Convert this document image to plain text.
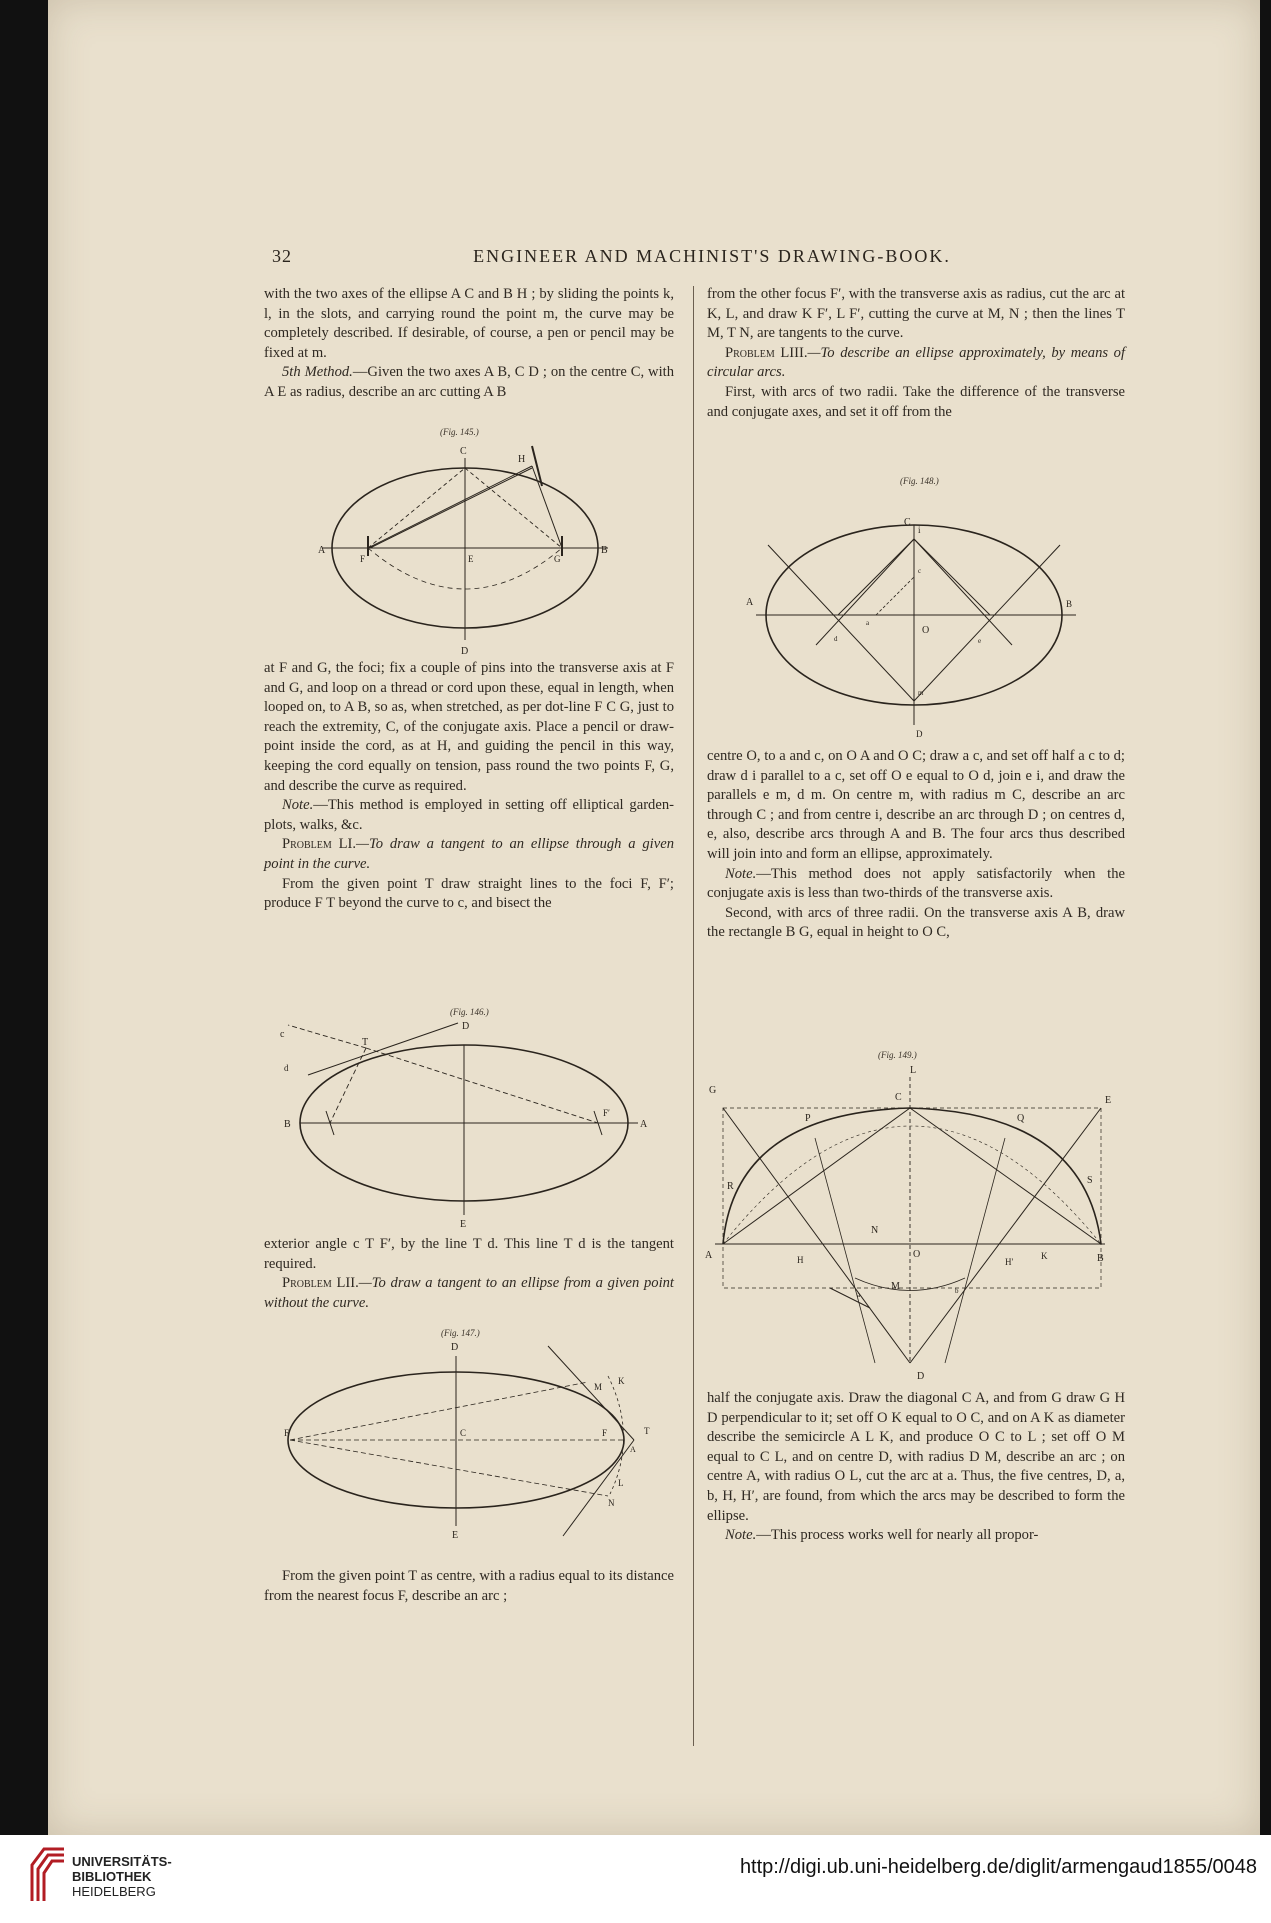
32	ENGINEER AND MACHINIST'S DRAWING-BOOK.

with the two axes of the ellipse A C and B H ; by sliding the points k, l, in the slots, and carrying round the point m, the curve may be completely described. If desirable, of course, a pen or pencil may be fixed at m.

5th Method.—Given the two axes A B, C D ; on the centre C, with A E as radius, describe an arc cutting A B

(Fig. 145.)
C
H
A
F	E	G
B
D

at F and G, the foci; fix a couple of pins into the transverse axis at F and G, and loop on a thread or cord upon these, equal in length, when looped on, to A B, so as, when stretched, as per dot-line F C G, just to reach the extremity, C, of the conjugate axis. Place a pencil or draw-point inside the cord, as at H, and guiding the pencil in this way, keeping the cord equally on tension, pass round the two points F, G, and describe the curve as required.

Note.—This method is employed in setting off elliptical garden-plots, walks, &c.

Problem LI.—To draw a tangent to an ellipse through a given point in the curve.

From the given point T draw straight lines to the foci F, F′; produce F T beyond the curve to c, and bisect the

(Fig. 146.)
c
D
T
d
B
F′
A
E

exterior angle c T F′, by the line T d. This line T d is the tangent required.

Problem LII.—To draw a tangent to an ellipse from a given point without the curve.

(Fig. 147.)
D
M
K
F′	C	F	T
A
L
N
E

From the given point T as centre, with a radius equal to its distance from the nearest focus F, describe an arc ;

from the other focus F′, with the transverse axis as radius, cut the arc at K, L, and draw K F′, L F′, cutting the curve at M, N ; then the lines T M, T N, are tangents to the curve.

Problem LIII.—To describe an ellipse approximately, by means of circular arcs.

First, with arcs of two radii. Take the difference of the transverse and conjugate axes, and set it off from the

(Fig. 148.)
C
i
A	B
a
O
c
d	e
m
D

centre O, to a and c, on O A and O C; draw a c, and set off half a c to d; draw d i parallel to a c, set off O e equal to O d, join e i, and draw the parallels e m, d m. On centre m, with radius m C, describe an arc through C ; and from centre i, describe an arc through D ; on centres d, e, also, describe arcs through A and B. The four arcs thus described will join into and form an ellipse, approximately.

Note.—This method does not apply satisfactorily when the conjugate axis is less than two-thirds of the transverse axis.

Second, with arcs of three radii. On the transverse axis A B, draw the rectangle B G, equal in height to O C,

(Fig. 149.)
L
G
C	E
P	Q
R
S
N
A	H	O
H′
K	B
M
a	b
D

half the conjugate axis. Draw the diagonal C A, and from G draw G H D perpendicular to it; set off O K equal to O C, and on A K as diameter describe the semicircle A L K, and produce O C to L ; set off O M equal to C L, and on centre D, with radius D M, describe an arc ; on centre A, with radius O L, cut the arc at a. Thus, the five centres, D, a, b, H, H′, are found, from which the arcs may be described to form the ellipse.

Note.—This process works well for nearly all propor-

UNIVERSITÄTS-
BIBLIOTHEK
HEIDELBERG
http://digi.ub.uni-heidelberg.de/diglit/armengaud1855/0048
